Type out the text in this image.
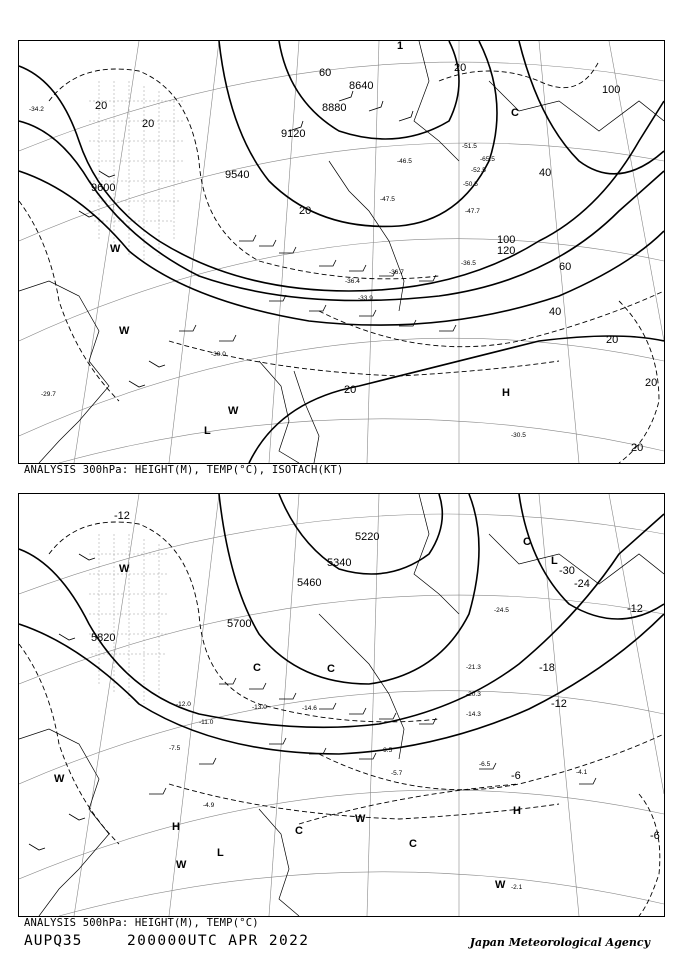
9120
9540
8880
8640
9600
20
20
20
40
40
60
100
120
20
20
20
20
20
100
60
L
W
W
W
H
C
-51.5
-65.5
-46.5
-47.7
-36.5
-33.9
-30.5
-36.7
-30.0
-29.7
-34.2
-47.5
-52.5
-50.5
-36.4
1
ANALYSIS 300hPa: HEIGHT(M), TEMP(°C), ISOTACH(KT)
5220
5340
5460
5700
5820
-12
-30
-24
-18
-12
-6
-12
-6
W
H
L
W
C	C
W
C
H
W
C
L
C
W
-24.5
-21.3
-20.3
-14.3
-9.5
-6.5
-5.7	-4.1
-2.1
-14.6
-13.0
-12.0
-11.0
-7.5
-4.9
ANALYSIS 500hPa: HEIGHT(M), TEMP(°C)
AUPQ35	200000UTC APR 2022	Japan Meteorological Agency
